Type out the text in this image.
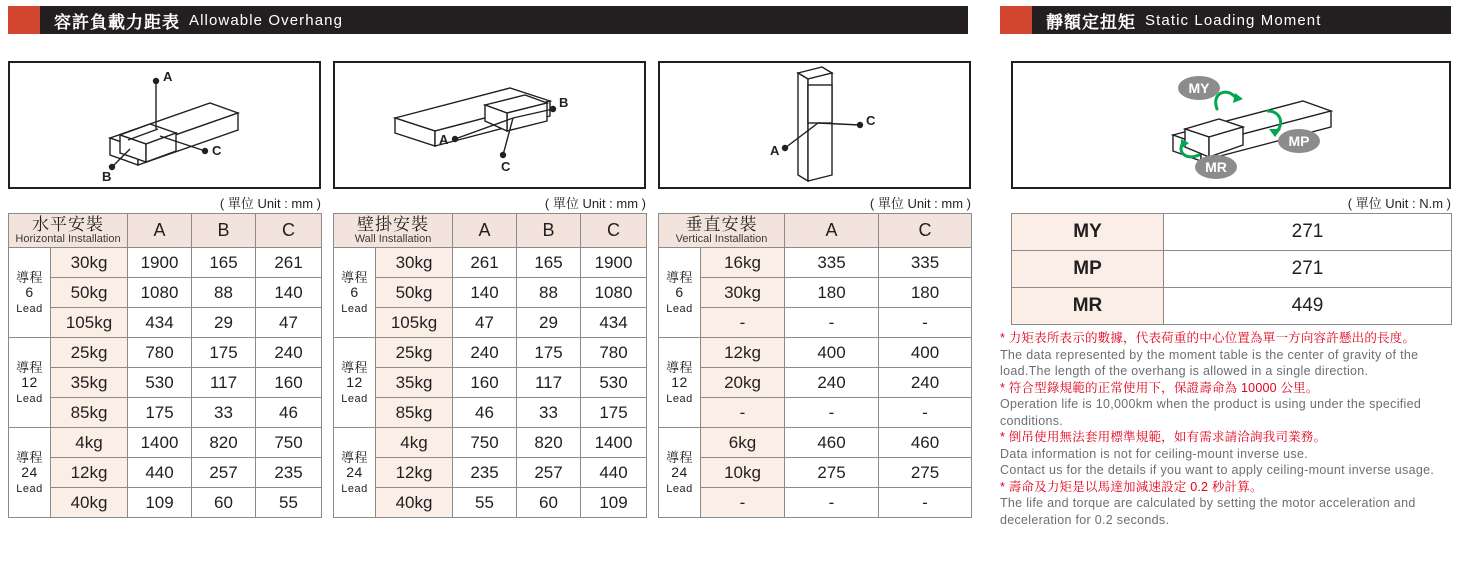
容許負載力距表 Allowable Overhang	靜額定扭矩 Static Loading Moment
A
C
B
( 單位 Unit : mm )
A
B
C
( 單位 Unit : mm )
A
C
( 單位 Unit : mm )
MY
MP
MR
( 單位 Unit : N.m )
水平安裝
Horizontal Installation		A	B	C
導程
6
Lead	30kg	1900	165	261
	50kg	1080	88	140
	105kg	434	29	47
導程
12
Lead	25kg	780	175	240
	35kg	530	117	160
	85kg	175	33	46
導程
24
Lead	4kg	1400	820	750
	12kg	440	257	235
	40kg	109	60	55
壁掛安裝
Wall Installation		A	B	C
導程
6
Lead	30kg	261	165	1900
	50kg	140	88	1080
	105kg	47	29	434
導程
12
Lead	25kg	240	175	780
	35kg	160	117	530
	85kg	46	33	175
導程
24
Lead	4kg	750	820	1400
	12kg	235	257	440
	40kg	55	60	109
垂直安裝
Vertical Installation		A	C
導程
6
Lead	16kg	335	335
	30kg	180	180
	-	-	-
導程
12
Lead	12kg	400	400
	20kg	240	240
	-	-	-
導程
24
Lead	6kg	460	460
	10kg	275	275
	-	-	-
MY	271
MP	271
MR	449
* 力矩表所表示的數據，代表荷重的中心位置為單一方向容許懸出的長度。
The data represented by the moment table is the center of gravity of the load.The length of the overhang is allowed in a single direction.
* 符合型錄規範的正常使用下，保證壽命為 10000 公里。
Operation life is 10,000km when the product is using under the specified conditions.
* 倒吊使用無法套用標準規範，如有需求請洽詢我司業務。
Data information is not for ceiling-mount inverse use.
Contact us for the details if you want to apply ceiling-mount inverse usage.
* 壽命及力矩是以馬達加減速設定 0.2 秒計算。
The life and torque are calculated by setting the motor acceleration and deceleration for 0.2 seconds.
